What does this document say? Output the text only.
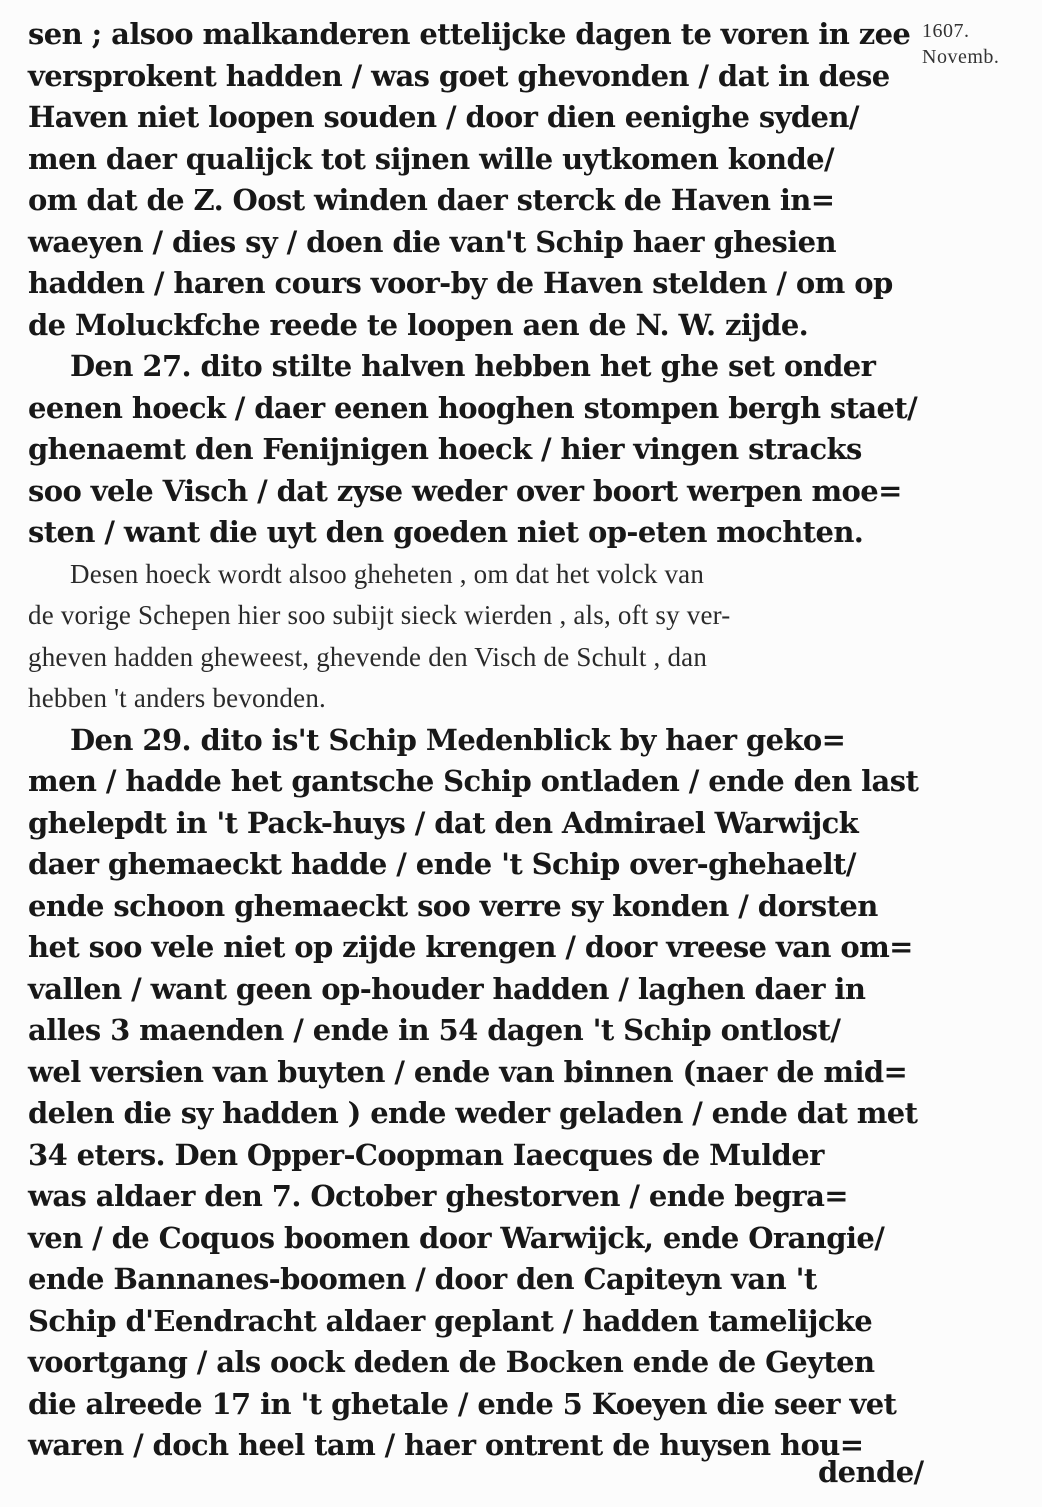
1607.
Novemb.
sen ; alsoo malkanderen ettelijcke dagen te voren in zee
versprokent hadden / was goet ghevonden / dat in dese
Haven niet loopen souden / door dien eenighe syden/
men daer qualijck tot sijnen wille uytkomen konde/
om dat de Z. Oost winden daer sterck de Haven in=
waeyen / dies sy / doen die van't Schip haer ghesien
hadden / haren cours voor-by de Haven stelden / om op
de Moluckfche reede te loopen aen de N. W. zijde.
Den 27. dito stilte halven hebben het ghe set onder
eenen hoeck / daer eenen hooghen stompen bergh staet/
ghenaemt den Fenijnigen hoeck / hier vingen stracks
soo vele Visch / dat zyse weder over boort werpen moe=
sten / want die uyt den goeden niet op-eten mochten.
Desen hoeck wordt alsoo gheheten , om dat het volck van
de vorige Schepen hier soo subijt sieck wierden , als, oft sy ver-
gheven hadden gheweest, ghevende den Visch de Schult , dan
hebben 't anders bevonden.
Den 29. dito is't Schip Medenblick by haer geko=
men / hadde het gantsche Schip ontladen / ende den last
ghelepdt in 't Pack-huys / dat den Admirael Warwijck
daer ghemaeckt hadde / ende 't Schip over-ghehaelt/
ende schoon ghemaeckt soo verre sy konden / dorsten
het soo vele niet op zijde krengen / door vreese van om=
vallen / want geen op-houder hadden / laghen daer in
alles 3 maenden / ende in 54 dagen 't Schip ontlost/
wel versien van buyten / ende van binnen (naer de mid=
delen die sy hadden ) ende weder geladen / ende dat met
34 eters. Den Opper-Coopman Iaecques de Mulder
was aldaer den 7. October ghestorven / ende begra=
ven / de Coquos boomen door Warwijck, ende Orangie/
ende Bannanes-boomen / door den Capiteyn van 't
Schip d'Eendracht aldaer geplant / hadden tamelijcke
voortgang / als oock deden de Bocken ende de Geyten
die alreede 17 in 't ghetale / ende 5 Koeyen die seer vet
waren / doch heel tam / haer ontrent de huysen hou=
dende/
